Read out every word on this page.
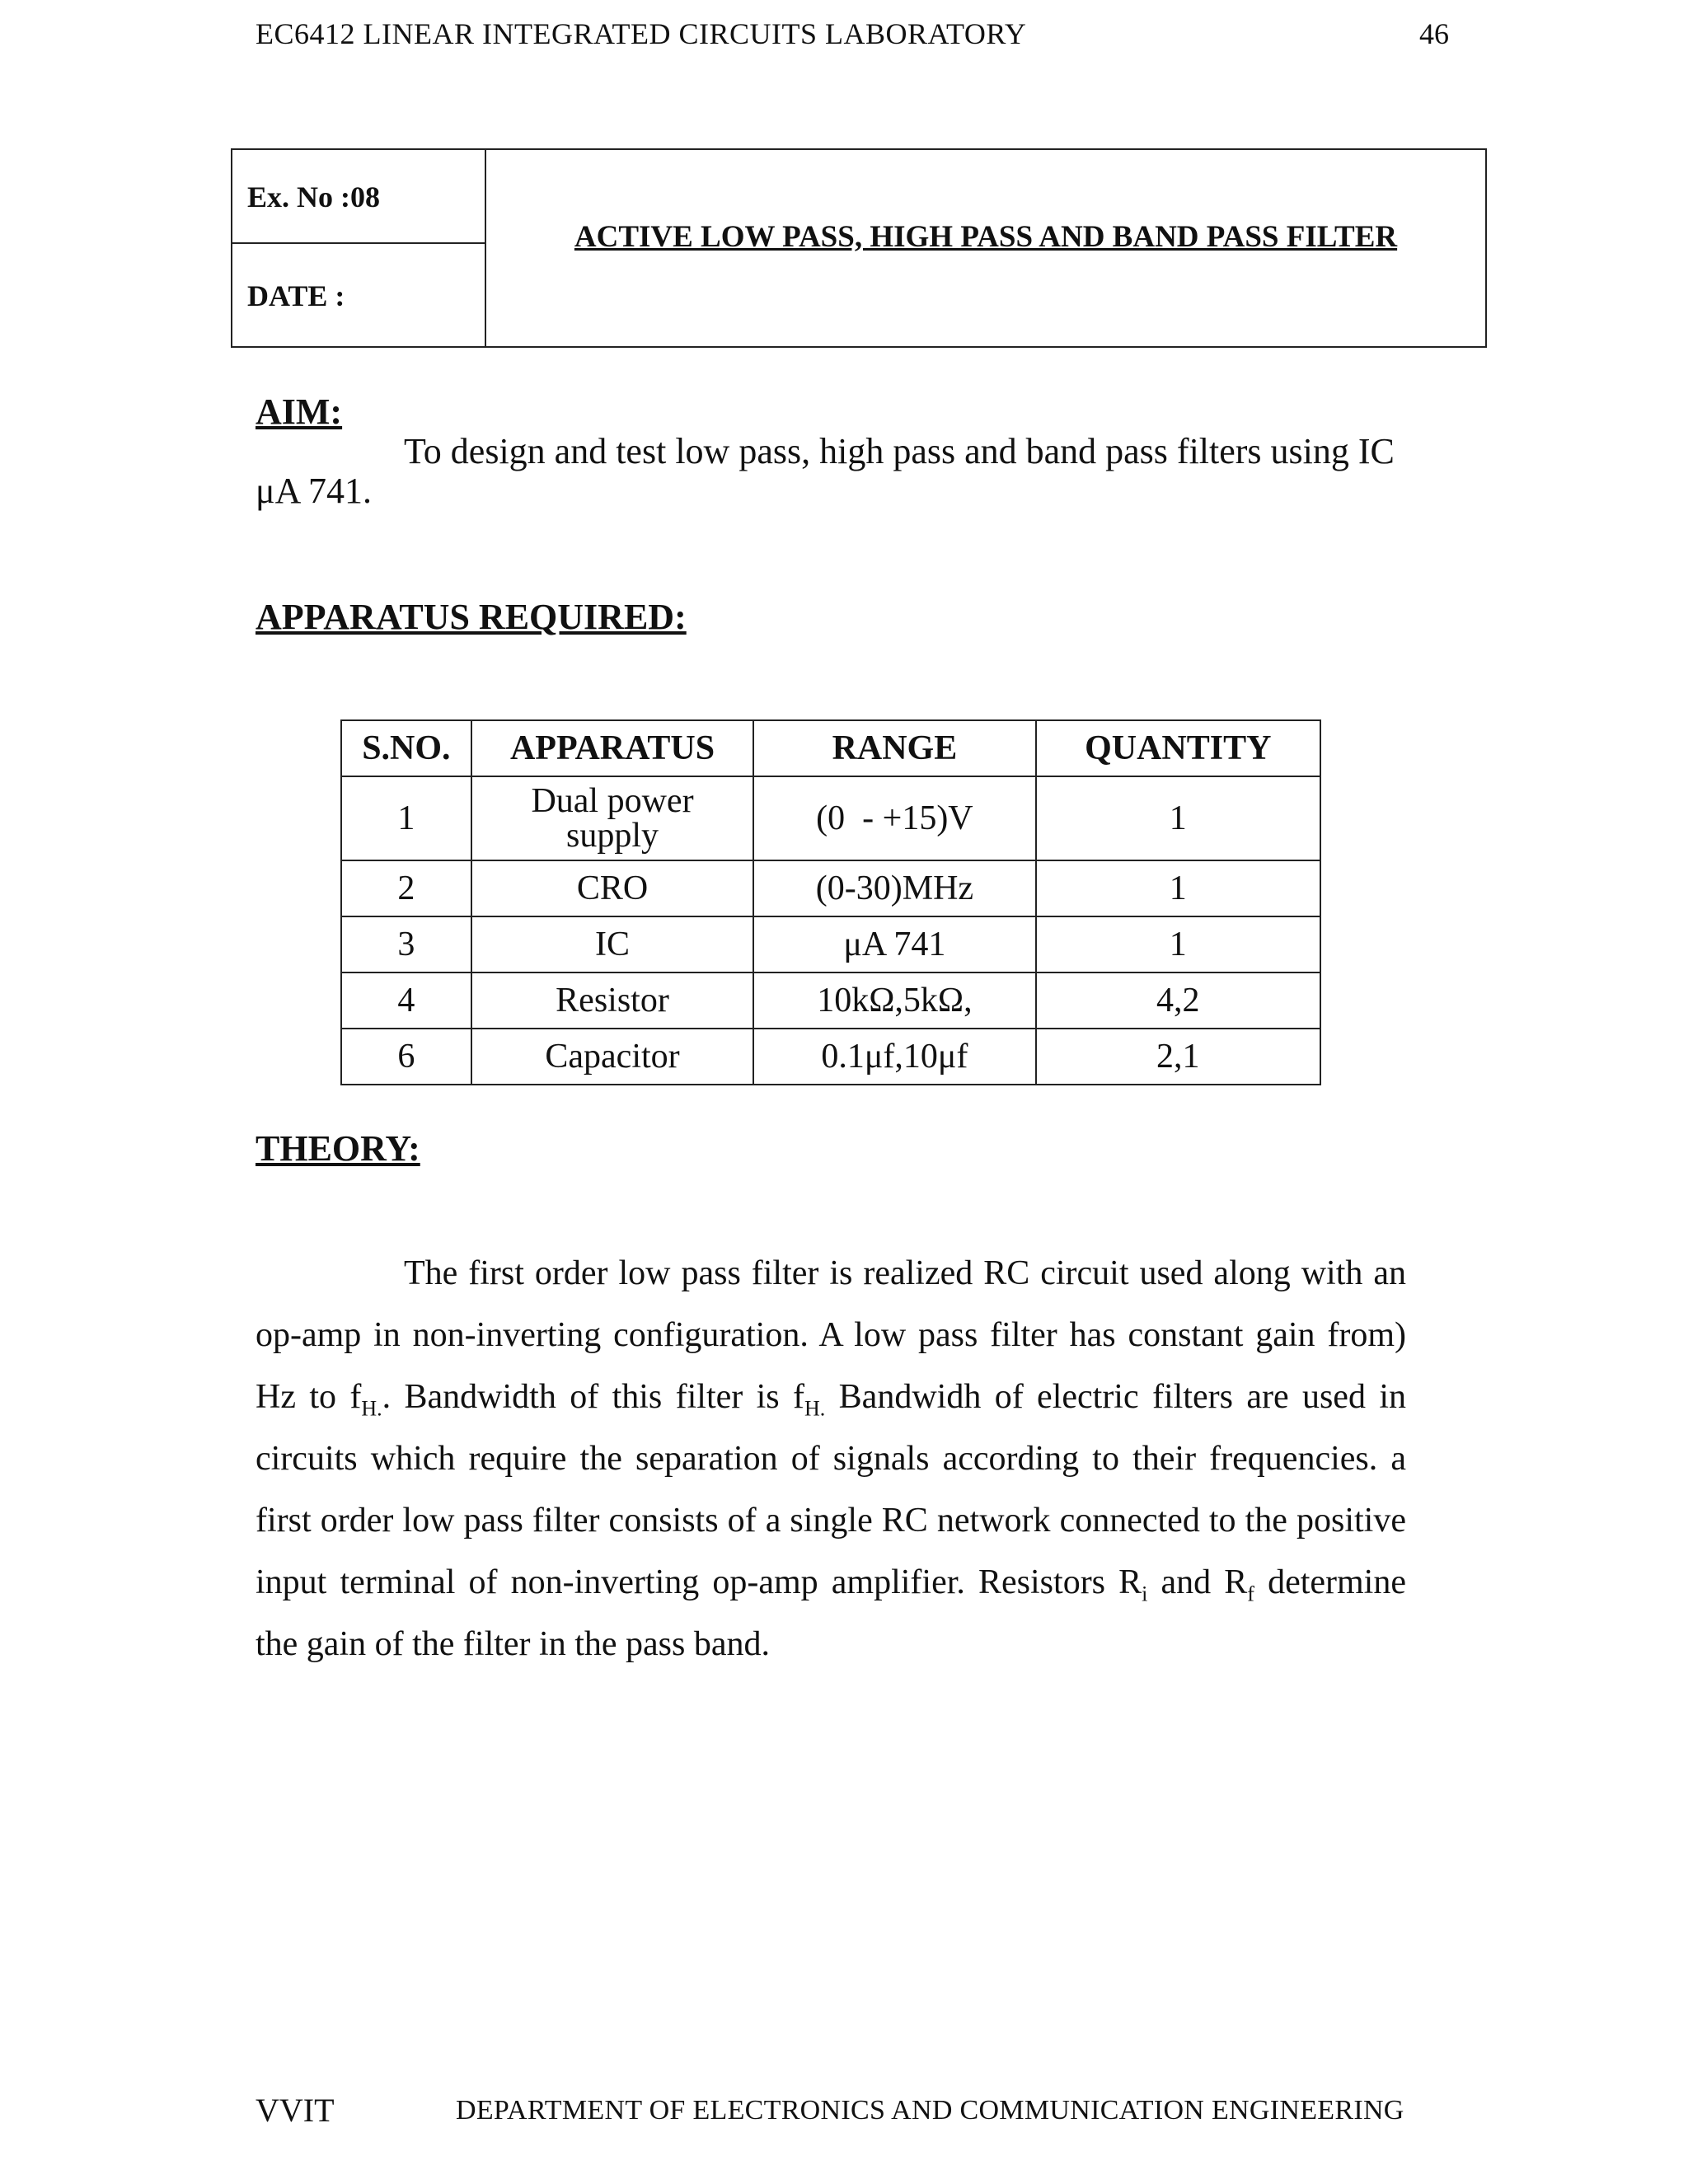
EC6412 LINEAR INTEGRATED CIRCUITS LABORATORY	46
Ex. No :08
DATE :
ACTIVE LOW PASS, HIGH PASS AND BAND PASS FILTER
AIM:
To design and test low pass, high pass and band pass filters using IC
μA 741.
APPARATUS REQUIRED:
S.NO.	APPARATUS	RANGE	QUANTITY
1	Dual power supply	(0  - +15)V	1
2	CRO	(0-30)MHz	1
3	IC	μA 741	1
4	Resistor	10kΩ,5kΩ,	4,2
6	Capacitor	0.1μf,10μf	2,1
THEORY:

The first order low pass filter is realized RC circuit used along with an op-amp in non-inverting configuration. A low pass filter has constant gain from) Hz to $f_{H.}$. Bandwidth of this filter is $f_{H.}$ Bandwidh of electric filters are used in circuits which require the separation of signals according to their frequencies. a first order low pass filter consists of a single RC network connected to the positive input terminal of non-inverting op-amp amplifier. Resistors $R_i$ and $R_f$ determine the gain of the filter in the pass band.

VVIT	DEPARTMENT OF ELECTRONICS AND COMMUNICATION ENGINEERING
